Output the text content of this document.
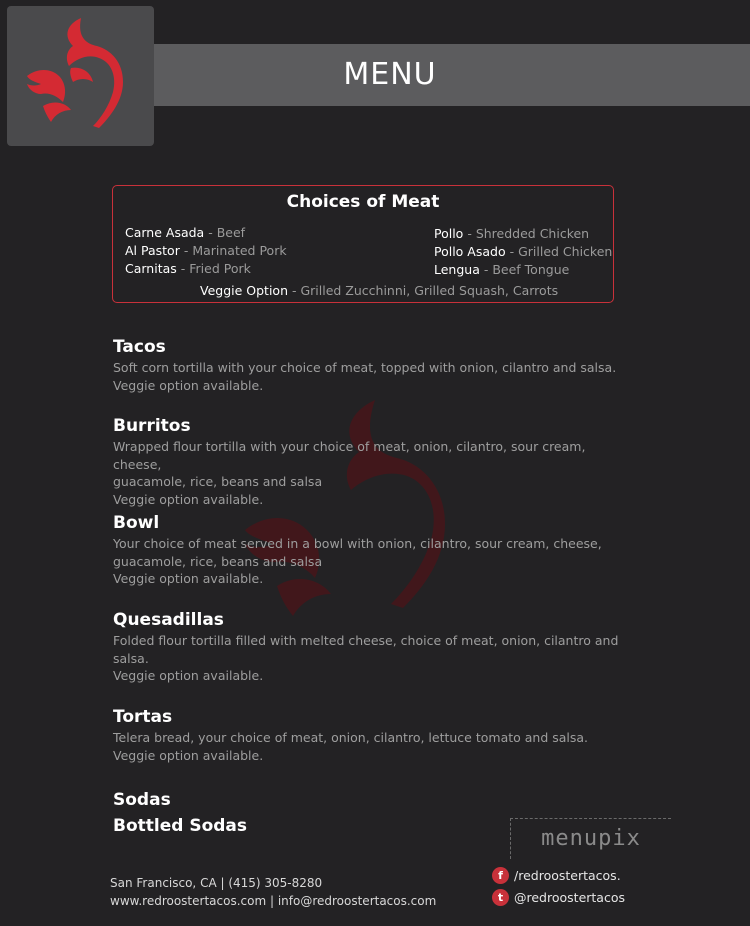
MENU
Choices of Meat
Carne Asada - Beef
Al Pastor - Marinated Pork
Carnitas - Fried Pork
Pollo - Shredded Chicken
Pollo Asado - Grilled Chicken
Lengua - Beef Tongue
Veggie Option - Grilled Zucchinni, Grilled Squash, Carrots
Tacos
Soft corn tortilla with your choice of meat, topped with onion, cilantro and salsa.
Veggie option available.
Burritos
Wrapped flour tortilla with your choice of meat, onion, cilantro, sour cream, cheese,
guacamole, rice, beans and salsa
Veggie option available.
Bowl
Your choice of meat served in a bowl with onion, cilantro, sour cream, cheese,
guacamole, rice, beans and salsa
Veggie option available.
Quesadillas
Folded flour tortilla filled with melted cheese, choice of meat, onion, cilantro and
salsa.
Veggie option available.
Tortas
Telera bread, your choice of meat, onion, cilantro, lettuce tomato and salsa.
Veggie option available.
Sodas
Bottled Sodas	menupix
San Francisco, CA | (415) 305-8280
www.redroostertacos.com | info@redroostertacos.com
f /redroostertacos.
t @redroostertacos
